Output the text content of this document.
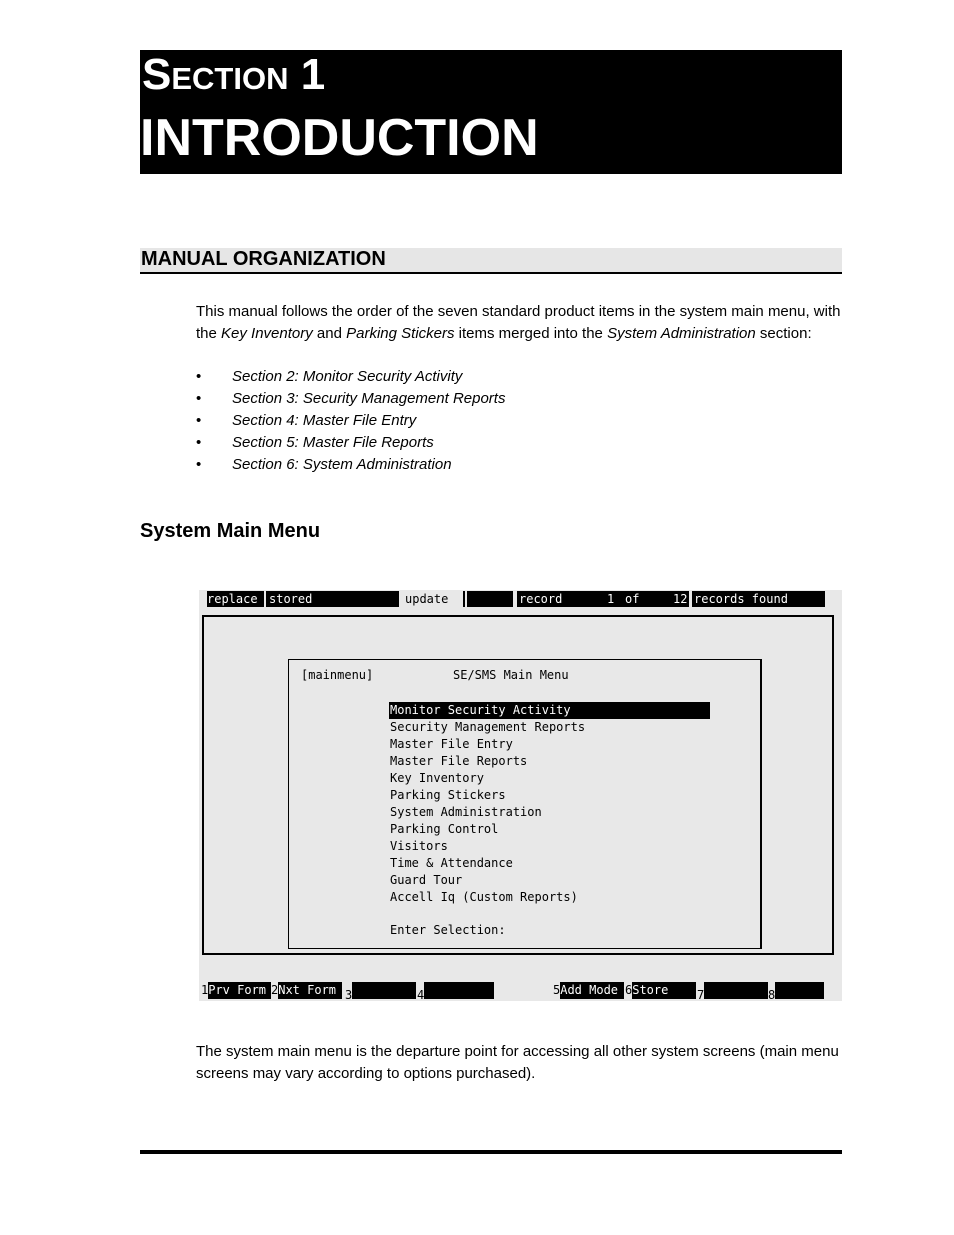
Section 1
INTRODUCTION
MANUAL ORGANIZATION
This manual follows the order of the seven standard product items in the system main menu, with the Key Inventory and Parking Stickers items merged into the System Administration section:
• Section 2: Monitor Security Activity
• Section 3: Security Management Reports
• Section 4: Master File Entry
• Section 5: Master File Reports
• Section 6: System Administration
System Main Menu
replace stored	update	record	1 of	12 records found
[mainmenu]	SE/SMS Main Menu
Monitor Security Activity
Security Management Reports
Master File Entry
Master File Reports
Key Inventory
Parking Stickers
System Administration
Parking Control
Visitors
Time & Attendance
Guard Tour
Accell Iq (Custom Reports)
Enter Selection:
1Prv Form 2Nxt Form 3	4	5Add Mode 6Store	7	8
The system main menu is the departure point for accessing all other system screens (main menu screens may vary according to options purchased).
